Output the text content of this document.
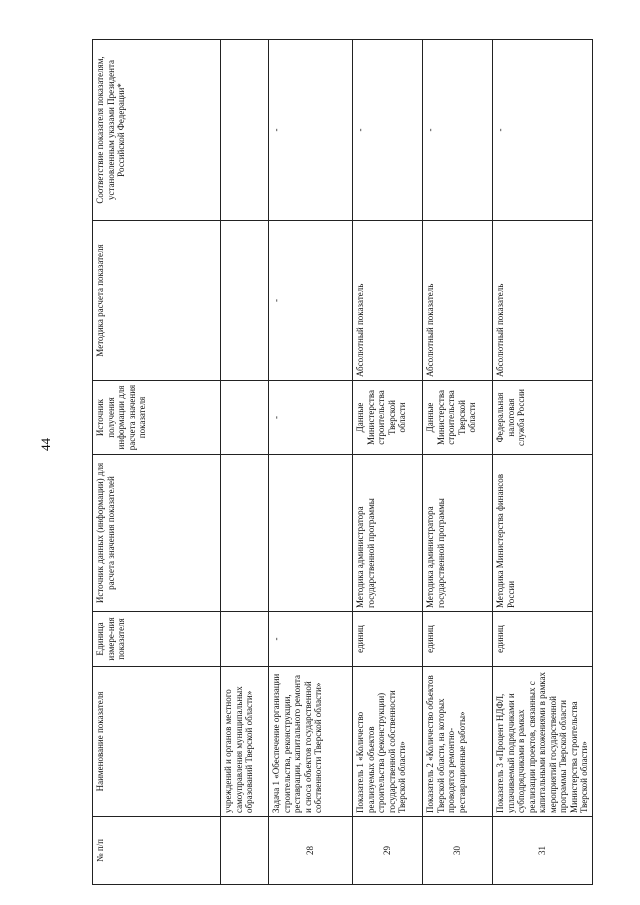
44
№ п/п	Наименование показателя	Единица измере-ния показателя	Источник данных (информации) для расчета значения показателей	Источник получения информации для расчета значения показателя	Методика расчета показателя	Соответствие показателя показателям, установленным указами Президента Российской Федерации*
	учреждений и органов местного самоуправления муниципальных образований Тверской области»					
28	Задача 1 «Обеспечение организации строительства, реконструкции, реставрации, капитального ремонта и сноса объектов государственной собственности Тверской области»	-		-	-	-
29	Показатель 1 «Количество реализуемых объектов строительства (реконструкции) государственной собственности Тверской области»	единиц	Методика администратора государственной программы	Данные Министерства строительства Тверской области	Абсолютный показатель	-
30	Показатель 2 «Количество объектов Тверской области, на которых проводятся ремонтно-реставрационные работы»	единиц	Методика администратора государственной программы	Данные Министерства строительства Тверской области	Абсолютный показатель	-
31	Показатель 3 «Процент НДФЛ, уплачиваемый подрядчиками и субподрядчиками в рамках реализации проектов, связанных с капитальными вложениями в рамках мероприятий государственной программы Тверской области Министерства строительства Тверской области»	единиц	Методика Министерства финансов России	Федеральная налоговая служба России	Абсолютный показатель	-
